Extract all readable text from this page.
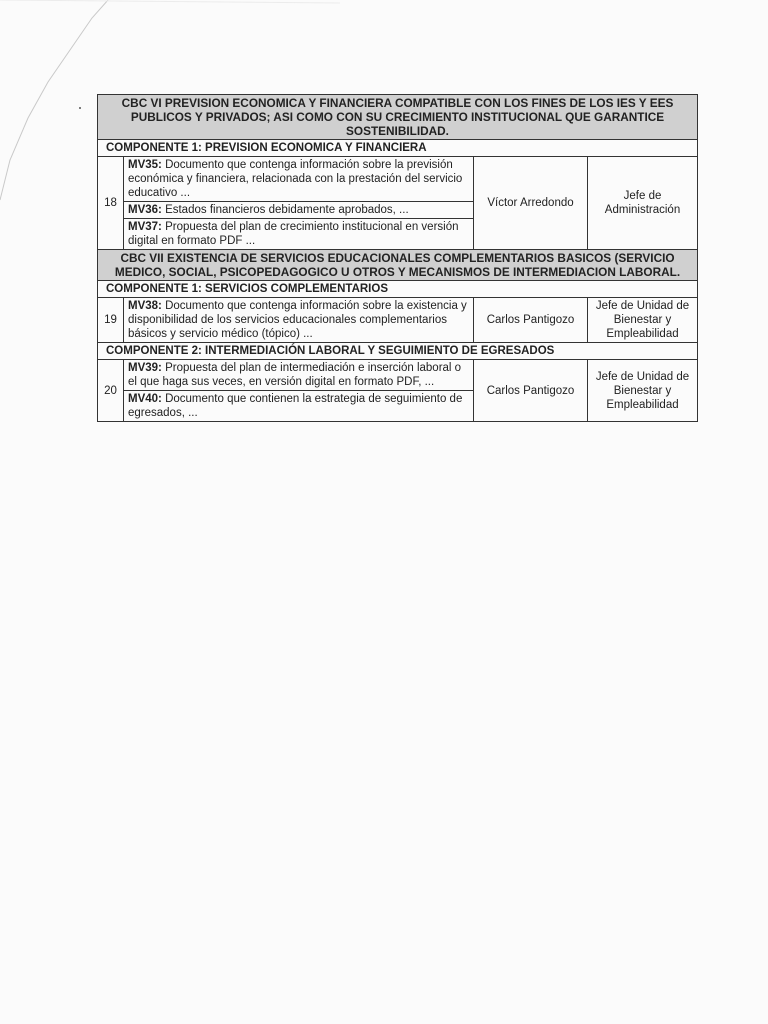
CBC VI PREVISION ECONOMICA Y FINANCIERA COMPATIBLE CON LOS FINES DE LOS IES Y EES PUBLICOS Y PRIVADOS; ASI COMO CON SU CRECIMIENTO INSTITUCIONAL QUE GARANTICE SOSTENIBILIDAD.			
COMPONENTE 1: PREVISION ECONOMICA Y FINANCIERA			
18	MV35: Documento que contenga información sobre la previsión económica y financiera, relacionada con la prestación del servicio educativo ...	Víctor Arredondo	Jefe de Administración
	MV36: Estados financieros debidamente aprobados, ...		
	MV37: Propuesta del plan de crecimiento institucional en versión digital en formato PDF ...		
CBC VII EXISTENCIA DE SERVICIOS EDUCACIONALES COMPLEMENTARIOS BASICOS (SERVICIO MEDICO, SOCIAL, PSICOPEDAGOGICO U OTROS Y MECANISMOS DE INTERMEDIACION LABORAL.			
COMPONENTE 1: SERVICIOS COMPLEMENTARIOS			
19	MV38: Documento que contenga información sobre la existencia y disponibilidad de los servicios educacionales complementarios básicos y servicio médico (tópico) ...	Carlos Pantigozo	Jefe de Unidad de Bienestar y Empleabilidad
COMPONENTE 2: INTERMEDIACIÓN LABORAL Y SEGUIMIENTO DE EGRESADOS			
20	MV39: Propuesta del plan de intermediación e inserción laboral o el que haga sus veces, en versión digital en formato PDF, ...	Carlos Pantigozo	Jefe de Unidad de Bienestar y Empleabilidad
	MV40: Documento que contienen la estrategia de seguimiento de egresados, ...		
